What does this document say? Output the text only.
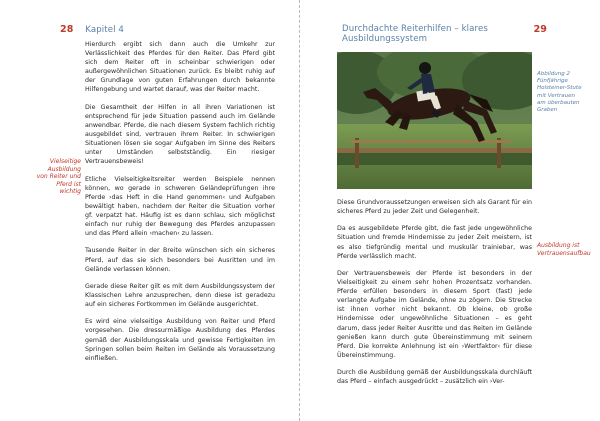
28 Kapitel 4
Vielseitige Ausbildung von Reiter und Pferd ist wichtig

Hierdurch ergibt sich dann auch die Umkehr zur Verlässlichkeit des Pferdes für den Reiter. Das Pferd gibt sich dem Reiter oft in scheinbar schwierigen oder außergewöhnlichen Situationen zurück. Es bleibt ruhig auf der Grundlage von guten Erfahrungen durch bekannte Hilfengebung und wartet darauf, was der Reiter macht.

Die Gesamtheit der Hilfen in all ihren Variationen ist entsprechend für jede Situation passend auch im Gelände anwendbar. Pferde, die nach diesem System fachlich richtig ausgebildet sind, vertrauen ihrem Reiter. In schwierigen Situationen lösen sie sogar Aufgaben im Sinne des Reiters unter Umständen selbstständig. Ein riesiger Vertrauensbeweis!

Etliche Vielseitigkeitsreiter werden Beispiele nennen können, wo gerade in schweren Geländeprüfungen ihre Pferde ›das Heft in die Hand genommen‹ und Aufgaben bewältigt haben, nachdem der Reiter die Situation vorher gf. verpatzt hat. Häufig ist es dann schlau, sich möglichst einfach nur ruhig der Bewegung des Pferdes anzupassen und das Pferd allein ›machen‹ zu lassen.

Tausende Reiter in der Breite wünschen sich ein sicheres Pferd, auf das sie sich besonders bei Ausritten und im Gelände verlassen können.

Gerade diese Reiter gilt es mit dem Ausbildungssystem der Klassischen Lehre anzusprechen, denn diese ist geradezu auf ein sicheres Fortkommen im Gelände ausgerichtet.

Es wird eine vielseitige Ausbildung von Reiter und Pferd vorgesehen. Die dressurmäßige Ausbildung des Pferdes gemäß der Ausbildungsskala und gewisse Fertigkeiten im Springen sollen beim Reiten im Gelände als Voraussetzung einfließen.

Durchdachte Reiterhilfen – klares Ausbildungssystem
29
Abbildung 2 Fünfjährige Holsteiner-Stute mit Vertrauen am überbauten Graben
Ausbildung ist Vertrauensaufbau

Diese Grundvoraussetzungen erweisen sich als Garant für ein sicheres Pferd zu jeder Zeit und Gelegenheit.

Da es ausgebildete Pferde gibt, die fast jede ungewöhnliche Situation und fremde Hindernisse zu jeder Zeit meistern, ist es also tiefgründig mental und muskulär trainiebar, was Pferde verlässlich macht.

Der Vertrauensbeweis der Pferde ist besonders in der Vielseitigkeit zu einem sehr hohen Prozentsatz vorhanden. Pferde erfüllen besonders in diesem Sport (fast) jede verlangte Aufgabe im Gelände, ohne zu zögern. Die Strecke ist ihnen vorher nicht bekannt. Ob kleine, ob große Hindernisse oder ungewöhnliche Situationen – es geht darum, dass jeder Reiter Ausritte und das Reiten im Gelände genießen kann durch gute Übereinstimmung mit seinem Pferd. Die korrekte Anlehnung ist ein ›Wertfaktor‹ für diese Übereinstimmung.

Durch die Ausbildung gemäß der Ausbildungsskala durchläuft das Pferd – einfach ausgedrückt – zusätzlich ein ›Ver-
